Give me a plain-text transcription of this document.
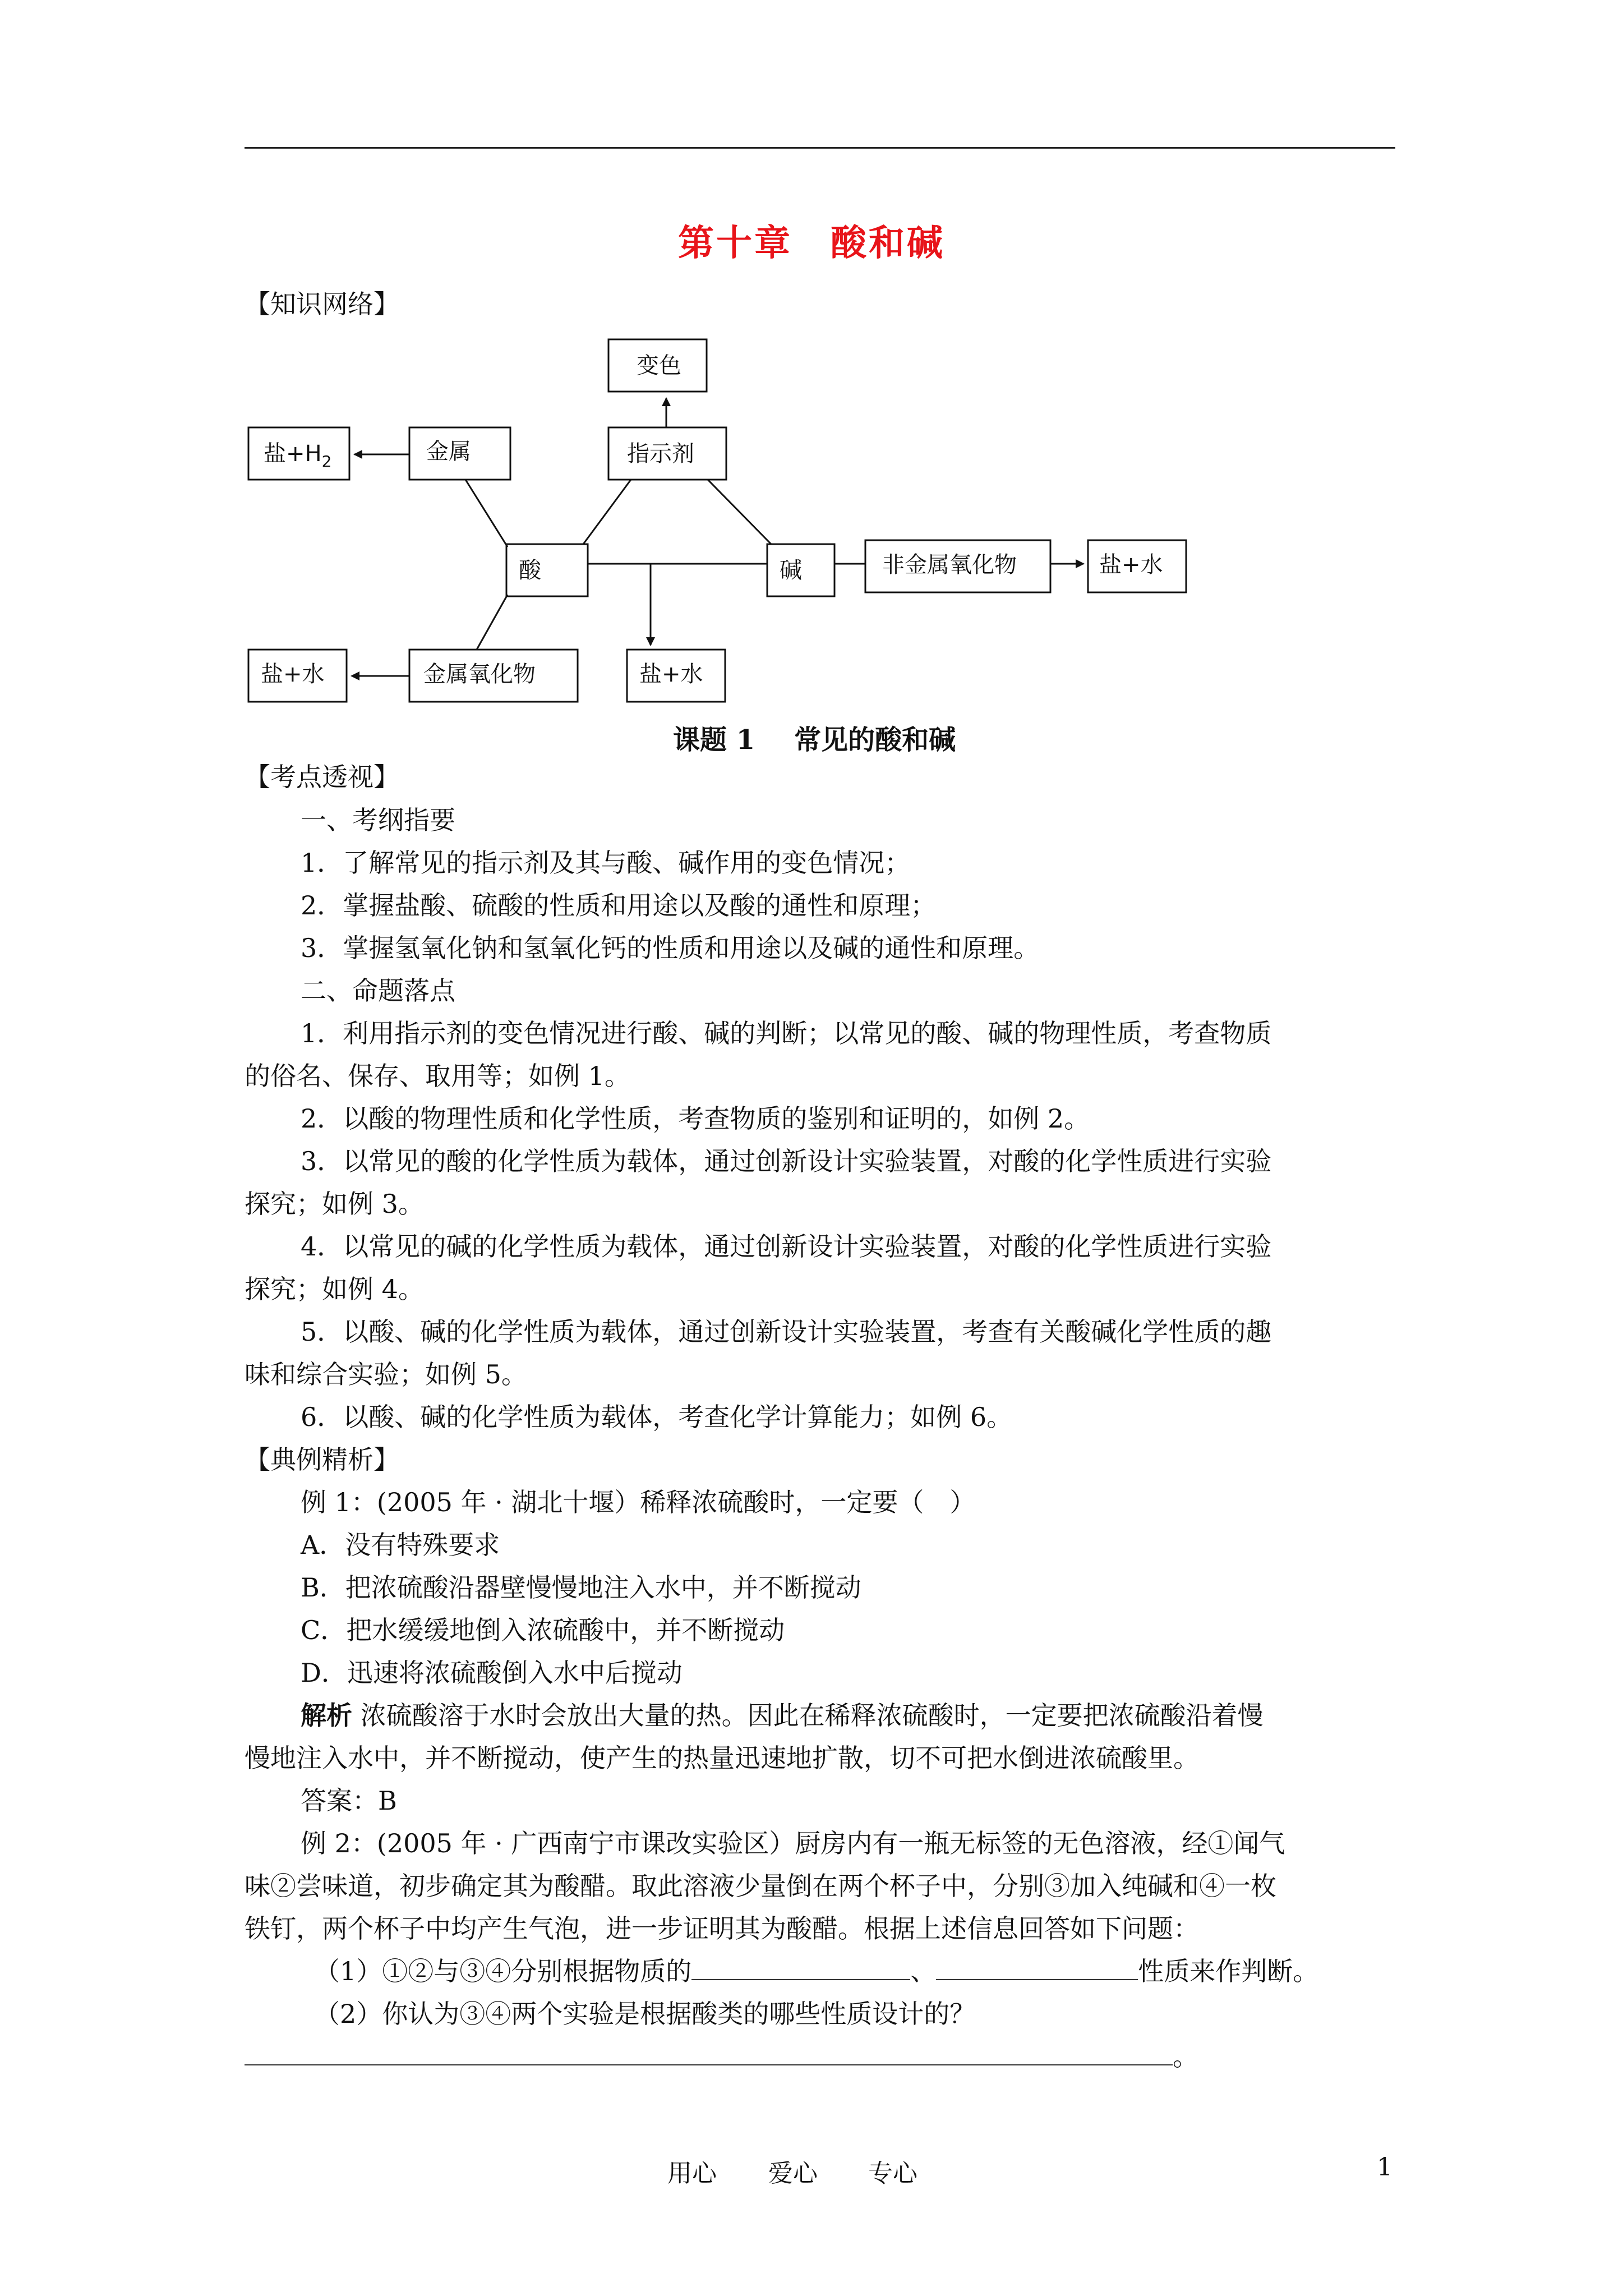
第十章　酸和碱
【知识网络】
变色
指示剂
金属
盐$+H_2$
酸	碱	非金属氧化物	盐+水
盐+水	金属氧化物	盐+水
课题 1 常见的酸和碱
【考点透视】
一、考纲指要
1．了解常见的指示剂及其与酸、碱作用的变色情况；
2．掌握盐酸、硫酸的性质和用途以及酸的通性和原理；
3．掌握氢氧化钠和氢氧化钙的性质和用途以及碱的通性和原理。
二、命题落点
1．利用指示剂的变色情况进行酸、碱的判断；以常见的酸、碱的物理性质，考查物质
的俗名、保存、取用等；如例 1。
2．以酸的物理性质和化学性质，考查物质的鉴别和证明的，如例 2。
3．以常见的酸的化学性质为载体，通过创新设计实验装置，对酸的化学性质进行实验
探究；如例 3。
4．以常见的碱的化学性质为载体，通过创新设计实验装置，对酸的化学性质进行实验
探究；如例 4。
5．以酸、碱的化学性质为载体，通过创新设计实验装置，考查有关酸碱化学性质的趣
味和综合实验；如例 5。
6．以酸、碱的化学性质为载体，考查化学计算能力；如例 6。
【典例精析】
例 1：(2005 年 · 湖北十堰）稀释浓硫酸时，一定要（　）
A．没有特殊要求
B．把浓硫酸沿器壁慢慢地注入水中，并不断搅动
C．把水缓缓地倒入浓硫酸中，并不断搅动
D．迅速将浓硫酸倒入水中后搅动
解析 浓硫酸溶于水时会放出大量的热。因此在稀释浓硫酸时，一定要把浓硫酸沿着慢
慢地注入水中，并不断搅动，使产生的热量迅速地扩散，切不可把水倒进浓硫酸里。
答案：B
例 2：(2005 年 · 广西南宁市课改实验区）厨房内有一瓶无标签的无色溶液，经①闻气
味②尝味道，初步确定其为酸醋。取此溶液少量倒在两个杯子中，分别③加入纯碱和④一枚
铁钉，两个杯子中均产生气泡，进一步证明其为酸醋。根据上述信息回答如下问题：
（1）①②与③④分别根据物质的	、	性质来作判断。
（2）你认为③④两个实验是根据酸类的哪些性质设计的？
。
用心 爱心 专心	1
